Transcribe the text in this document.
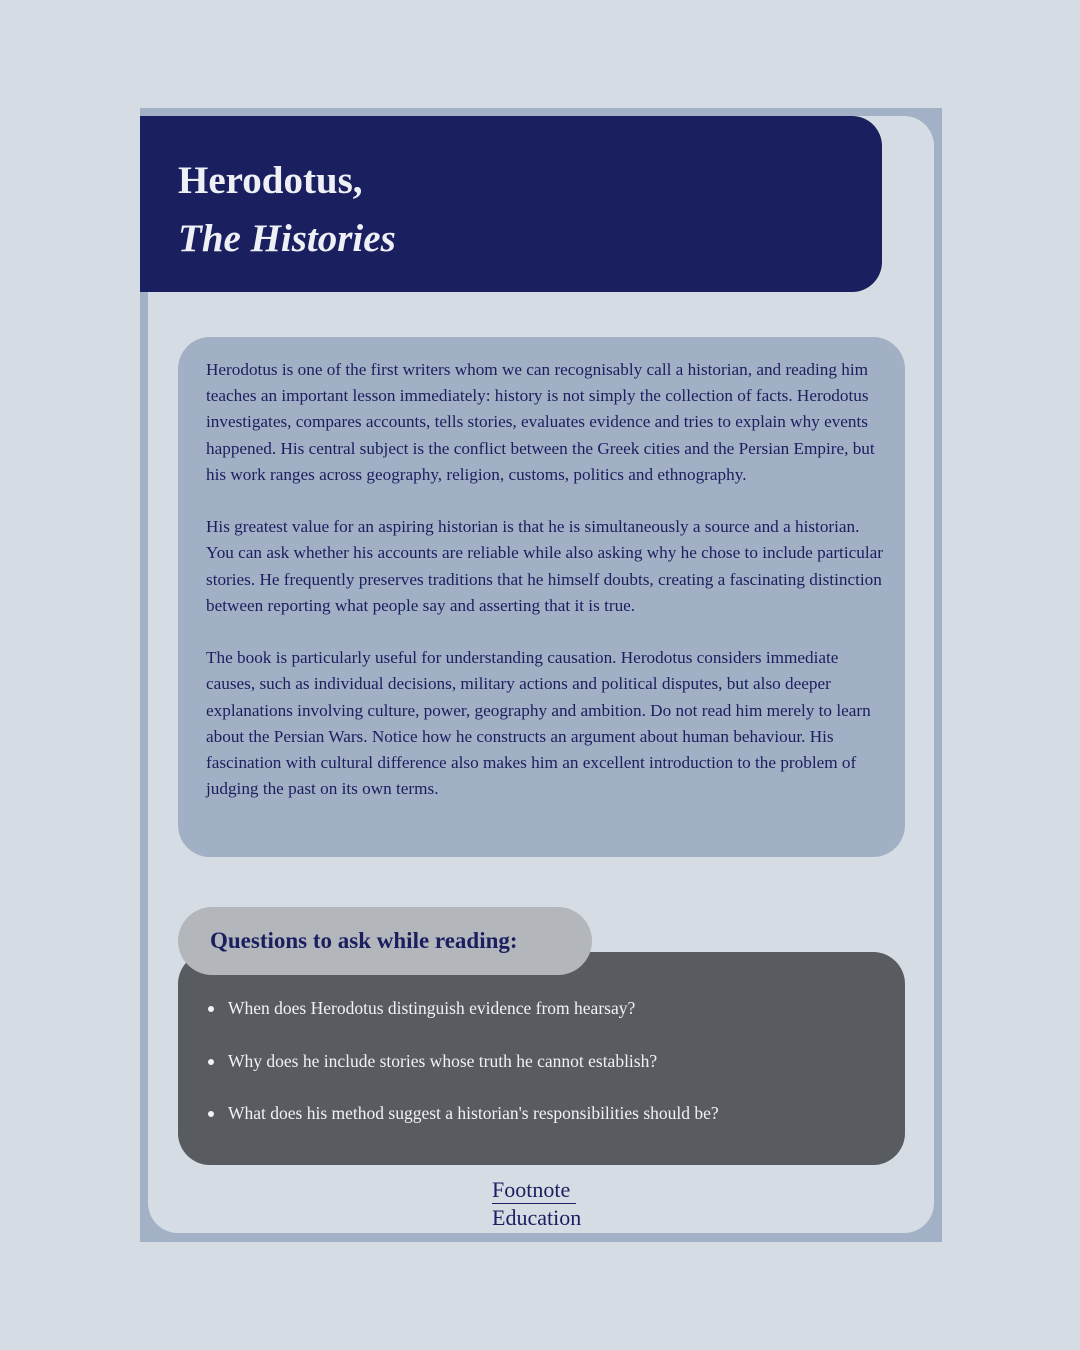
Herodotus,
The Histories

Herodotus is one of the first writers whom we can recognisably call a historian, and reading him teaches an important lesson immediately: history is not simply the collection of facts. Herodotus investigates, compares accounts, tells stories, evaluates evidence and tries to explain why events happened. His central subject is the conflict between the Greek cities and the Persian Empire, but his work ranges across geography, religion, customs, politics and ethnography.

His greatest value for an aspiring historian is that he is simultaneously a source and a historian. You can ask whether his accounts are reliable while also asking why he chose to include particular stories. He frequently preserves traditions that he himself doubts, creating a fascinating distinction between reporting what people say and asserting that it is true.

The book is particularly useful for understanding causation. Herodotus considers immediate causes, such as individual decisions, military actions and political disputes, but also deeper explanations involving culture, power, geography and ambition. Do not read him merely to learn about the Persian Wars. Notice how he constructs an argument about human behaviour. His fascination with cultural difference also makes him an excellent introduction to the problem of judging the past on its own terms.

Questions to ask while reading:
When does Herodotus distinguish evidence from hearsay?
Why does he include stories whose truth he cannot establish?
What does his method suggest a historian's responsibilities should be?
Footnote
Education
